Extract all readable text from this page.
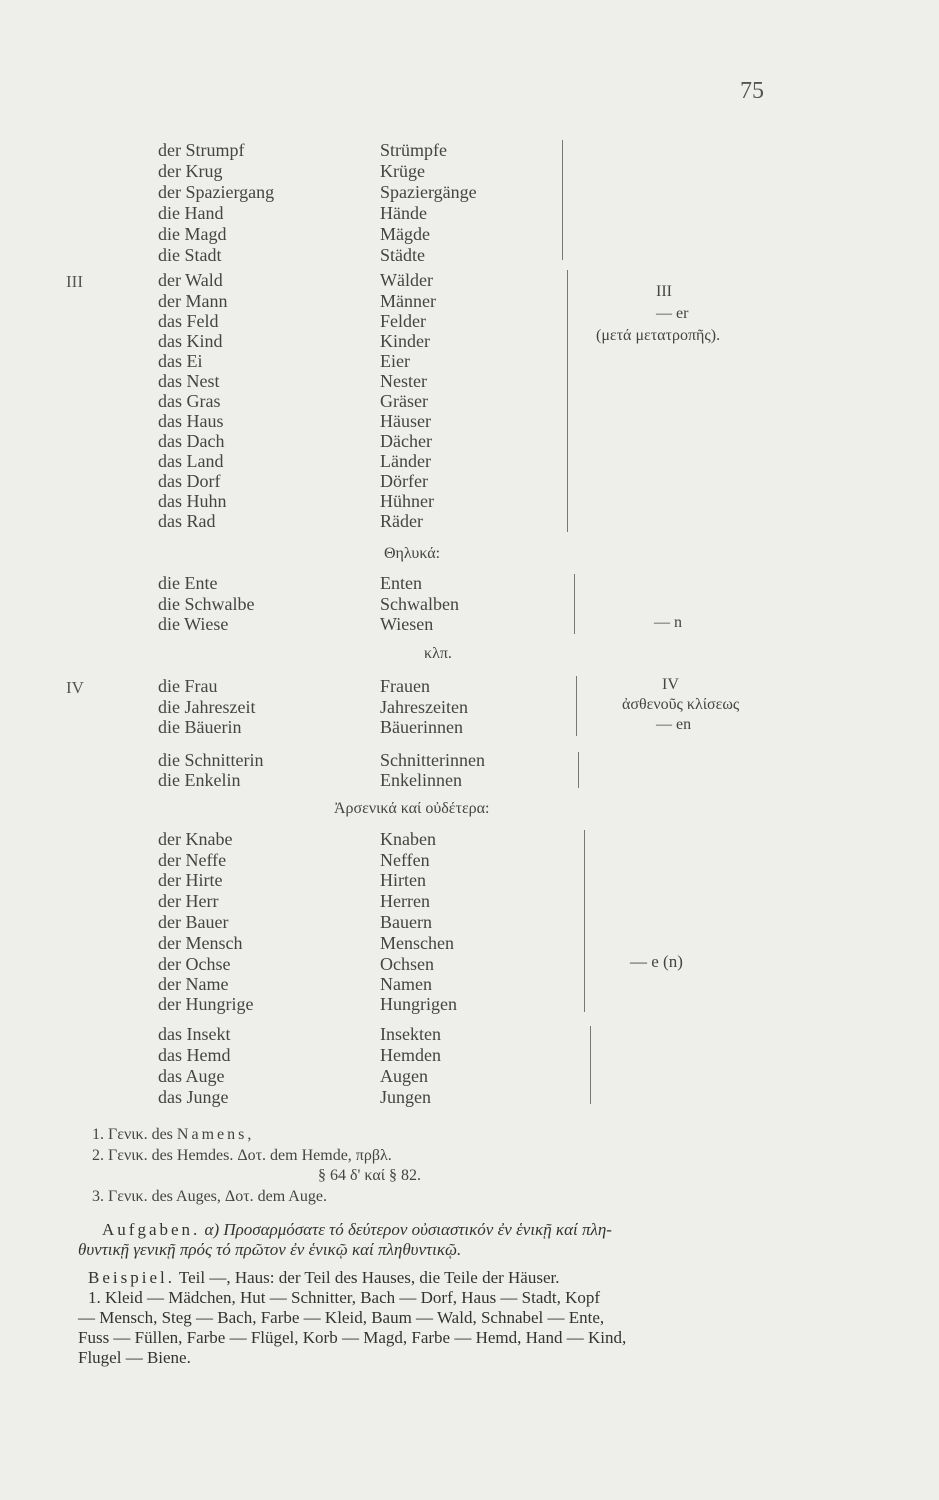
75
der Strumpf	Strümpfe
der Krug	Krüge
der Spaziergang	Spaziergänge
die Hand	Hände
die Magd	Mägde
die Stadt	Städte
III	der Wald	Wälder
der Mann	Männer
das Feld	Felder
das Kind	Kinder
das Ei	Eier
das Nest	Nester
das Gras	Gräser
das Haus	Häuser
das Dach	Dächer
das Land	Länder
das Dorf	Dörfer
das Huhn	Hühner
das Rad	Räder
III
— er
(μετά μετατροπῆς).
Θηλυκά:
die Ente	Enten
die Schwalbe	Schwalben
die Wiese	Wiesen	— n
κλπ.
IV	die Frau	Frauen
die Jahreszeit	Jahreszeiten
die Bäuerin	Bäuerinnen
IV
ἀσθενοῦς κλίσεως
— en
die Schnitterin	Schnitterinnen
die Enkelin	Enkelinnen
Ἀρσενικά καί οὐδέτερα:
der Knabe	Knaben
der Neffe	Neffen
der Hirte	Hirten
der Herr	Herren
der Bauer	Bauern
der Mensch	Menschen
der Ochse	Ochsen
der Name	Namen
der Hungrige	Hungrigen
— e (n)
das Insekt	Insekten
das Hemd	Hemden
das Auge	Augen
das Junge	Jungen
1. Γενικ. des Namens,
2. Γενικ. des Hemdes. Δοτ. dem Hemde, πρβλ.
§ 64 δ' καί § 82.
3. Γενικ. des Auges, Δοτ. dem Auge.

Aufgaben. α) Προσαρμόσατε τό δεύτερον οὐσιαστικόν ἐν ἑνικῇ καί πλη-

θυντικῇ γενικῇ πρός τό πρῶτον ἐν ἑνικῷ καί πληθυντικῷ.

Beispiel. Teil —, Haus: der Teil des Hauses, die Teile der Häuser.

1. Kleid — Mädchen, Hut — Schnitter, Bach — Dorf, Haus — Stadt, Kopf

— Mensch, Steg — Bach, Farbe — Kleid, Baum — Wald, Schnabel — Ente,

Fuss — Füllen, Farbe — Flügel, Korb — Magd, Farbe — Hemd, Hand — Kind,

Flugel — Biene.
